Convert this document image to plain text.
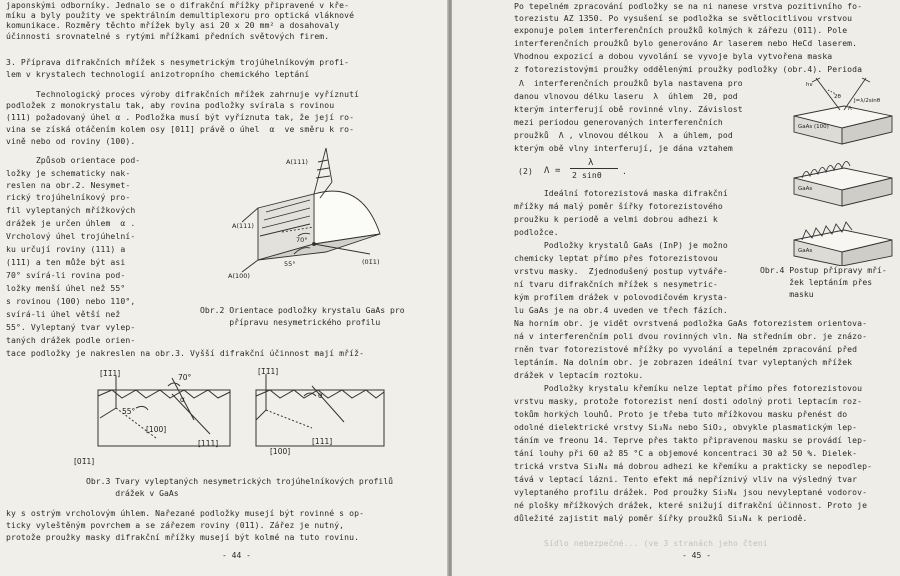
japonskými odborníky. Jednalo se o difrakční mřížky připravené v kře-
míku a byly použity ve spektrálním demultiplexoru pro optická vláknové
komunikace. Rozměry těchto mřížek byly asi 20 x 20 mm² a dosahovaly
účinnosti srovnatelné s rytými mřížkami předních světových firem.
3. Příprava difrakčních mřížek s nesymetrickým trojúhelníkovým profi-
lem v krystalech technologií anizotropního chemického leptání
Technologický proces výroby difrakčních mřížek zahrnuje vyříznutí
podložek z monokrystalu tak, aby rovina podložky svírala s rovinou
(111) požadovaný úhel α . Podložka musí být vyříznuta tak, že její ro-
vina se získá otáčením kolem osy [01̄1] právě o úhel  α  ve směru k ro-
vině nebo od roviny (100).
Způsob orientace pod-
ložky je schematicky nak-
reslen na obr.2. Nesymet-
rický trojúhelníkový pro-
fil vyleptaných mřížkových
drážek je určen úhlem  α .
Vrcholový úhel trojúhelní-
ku určují roviny (111) a
(1̄1̄1) a ten může být asi
70° svírá-li rovina pod-
ložky menší úhel než 55°
s rovinou (100) nebo 110°,
svírá-li úhel větší než
55°. Vyleptaný tvar vylep-
taných drážek podle orien-
tace podložky je nakreslen na obr.3. Vyšší difrakční účinnost mají mříž-
A(111)
A(111)
A(100)
(01̄1)
55°
70°
Obr.2 Orientace podložky krystalu GaAs pro
přípravu nesymetrického profilu
[1̄1̄1]	[1̄1̄1]
70°
55°
α
[100]
[111]
[01̄1]
[100]
[111]
α
Obr.3 Tvary vyleptaných nesymetrických trojúhelníkových profilů
drážek v GaAs
ky s ostrým vrcholovým úhlem. Nařezané podložky musejí být rovinné s op-
ticky vyleštěným povrchem a se zářezem roviny (01̄1). Zářez je nutný,
protože proužky masky difrakční mřížky musejí být kolmé na tuto rovinu.
- 44 -
Po tepelném zpracování podložky se na ni nanese vrstva pozitivního fo-
torezistu AZ 1350. Po vysušení se podložka se světlocitlivou vrstvou
exponuje polem interferenčních proužků kolmých k zářezu (01̄1). Pole
interferenčních proužků bylo generováno Ar laserem nebo HeCd laserem.
Vhodnou expozicí a dobou vyvolání se vyvoje byla vytvořena maska
z fotorezistovými proužky oddělenými proužky podložky (obr.4). Perioda
Λ  interferenčních proužků byla nastavena pro
danou vlnovou délku laseru  λ  úhlem  2θ, pod
kterým interferují obě rovinné vlny. Závislost
mezi periodou generovaných interferenčních
proužků  Λ , vlnovou délkou  λ  a úhlem, pod
kterým obě vlny interferují, je dána vztahem
(2) Λ =
λ
2 sinθ .
Ideální fotorezistová maska difrakční
mřížky má malý poměr šířky fotorezistového
proužku k periodě a velmi dobrou adhezi k
podložce.
Podložky krystalů GaAs (InP) je možno
chemicky leptat přímo přes fotorezistovou
vrstvu masky.  Zjednodušený postup vytváře-
ní tvaru difrakčních mřížek s nesymetric-
kým profilem drážek v polovodičovém krysta-
lu GaAs je na obr.4 uveden ve třech fázích.
hν
2θ
Λ
J=λ/2sinθ
GaAs (100)
GaAs
GaAs
Obr.4 Postup přípravy mří-
žek leptáním přes
masku
Na horním obr. je vidět ovrstvená podložka GaAs fotorezistem orientova-
ná v interferenčním poli dvou rovinných vln. Na středním obr. je znázo-
rněn tvar fotorezistové mřížky po vyvolání a tepelném zpracování před
leptáním. Na dolním obr. je zobrazen ideální tvar vyleptaných mřížek
drážek v leptacím roztoku.
Podložky krystalu křemíku nelze leptat přímo přes fotorezistovou
vrstvu masky, protože fotorezist není dosti odolný proti leptacím roz-
tokům horkých louhů. Proto je třeba tuto mřížkovou masku přenést do
odolné dielektrické vrstvy Si₃N₄ nebo SiO₂, obvykle plasmatickým lep-
táním ve freonu 14. Teprve přes takto připravenou masku se provádí lep-
tání louhy při 60 až 85 °C a objemové koncentraci 30 až 50 %. Dielek-
trická vrstva Si₃N₄ má dobrou adhezi ke křemíku a prakticky se nepodlep-
tává v leptací lázni. Tento efekt má nepříznivý vliv na výsledný tvar
vyleptaného profilu drážek. Pod proužky Si₃N₄ jsou nevyleptané vodorov-
né plošky mřížkových drážek, které snižují difrakční účinnost. Proto je
důležité zajistit malý poměr šířky proužků Si₃N₄ k periodě.
Sídlo nebezpečné... (ve 3 stranách jeho čtení
- 45 -
